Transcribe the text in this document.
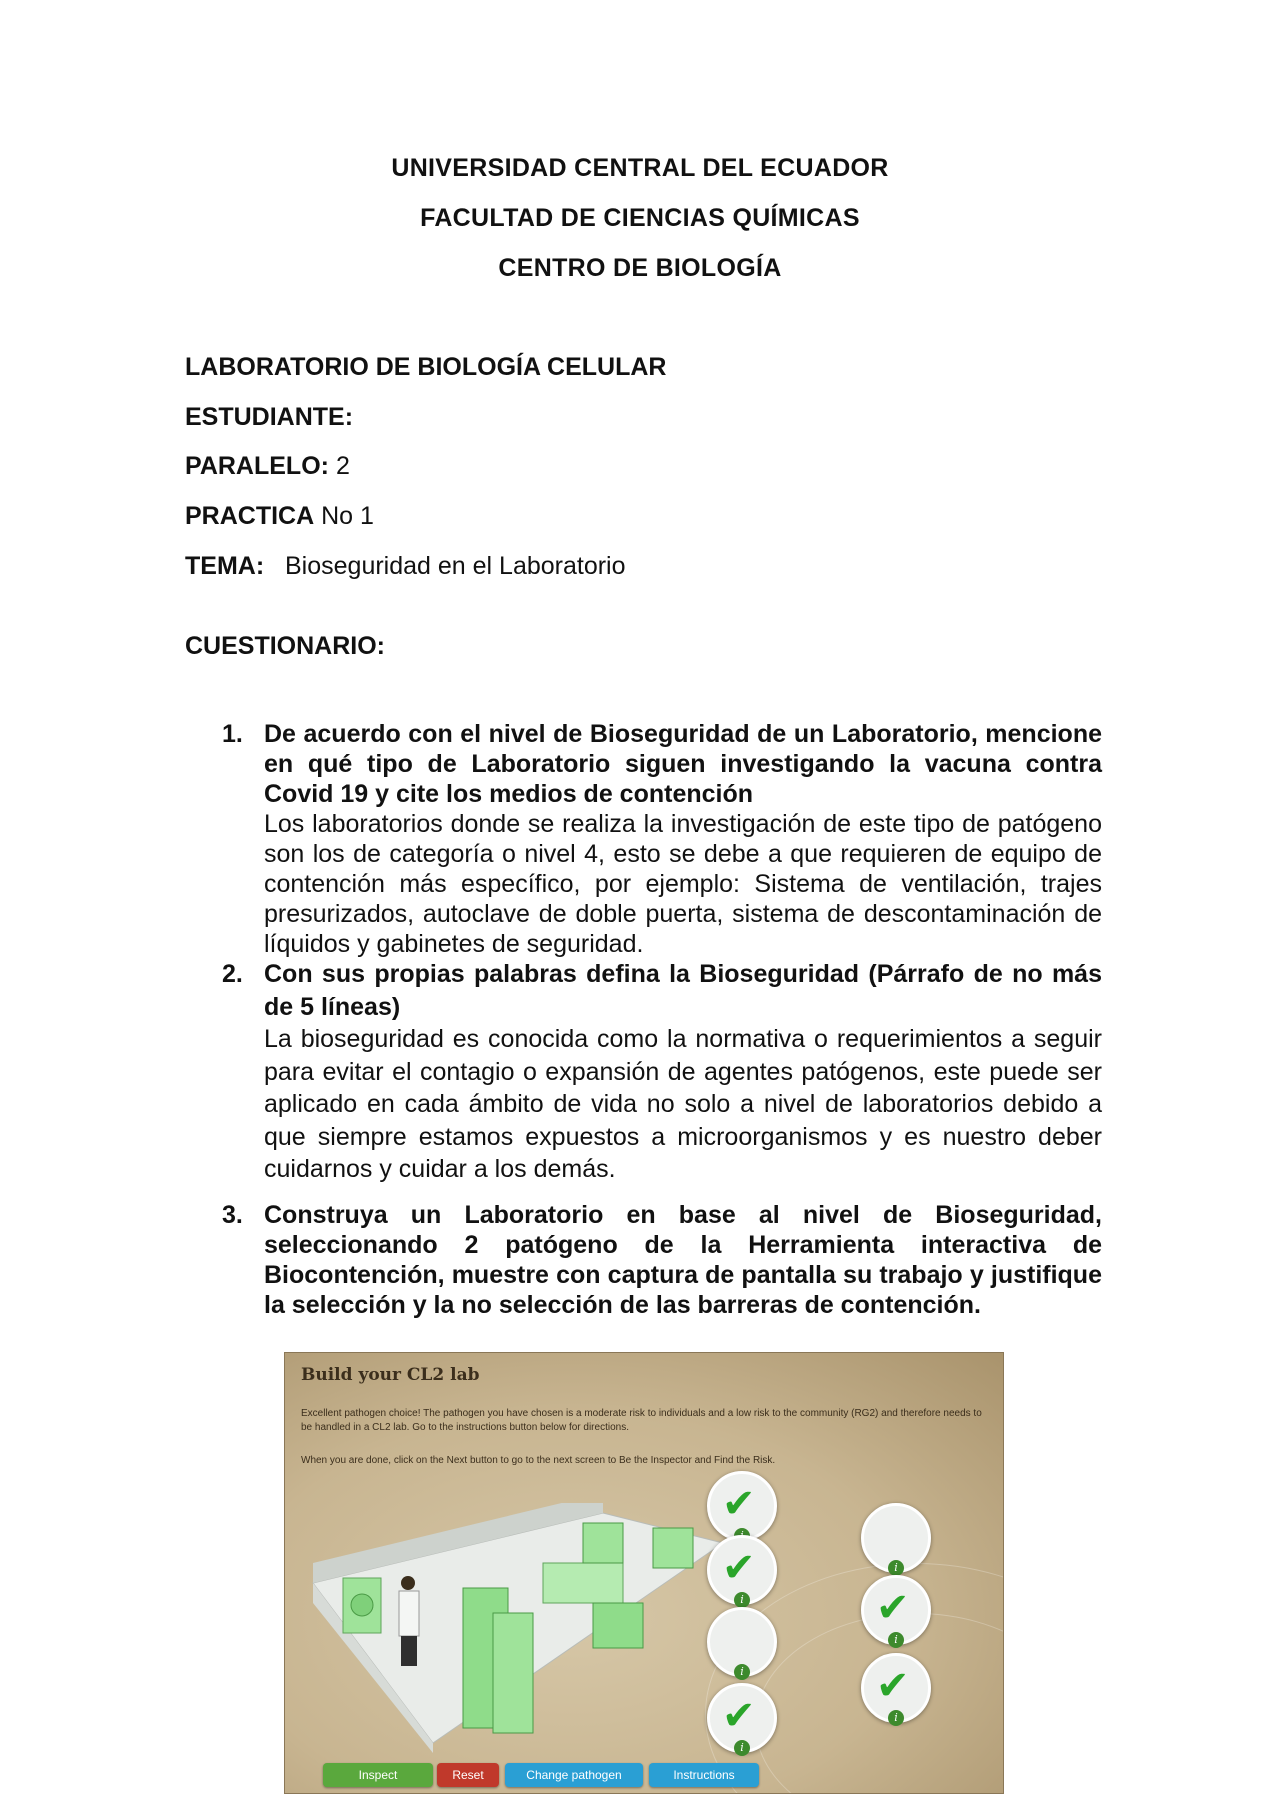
UNIVERSIDAD CENTRAL DEL ECUADOR
FACULTAD DE CIENCIAS QUÍMICAS
CENTRO DE BIOLOGÍA
LABORATORIO DE BIOLOGÍA CELULAR
ESTUDIANTE:
PARALELO: 2
PRACTICA No 1
TEMA: Bioseguridad en el Laboratorio
CUESTIONARIO:
1. De acuerdo con el nivel de Bioseguridad de un Laboratorio, mencione en qué tipo de Laboratorio siguen investigando la vacuna contra Covid 19 y cite los medios de contención
Los laboratorios donde se realiza la investigación de este tipo de patógeno son los de categoría o nivel 4, esto se debe a que requieren de equipo de contención más específico, por ejemplo: Sistema de ventilación, trajes presurizados, autoclave de doble puerta, sistema de descontaminación de líquidos y gabinetes de seguridad.
2. Con sus propias palabras defina la Bioseguridad (Párrafo de no más de 5 líneas)
La bioseguridad es conocida como la normativa o requerimientos a seguir para evitar el contagio o expansión de agentes patógenos, este puede ser aplicado en cada ámbito de vida no solo a nivel de laboratorios debido a que siempre estamos expuestos a microorganismos y es nuestro deber cuidarnos y cuidar a los demás.
3. Construya un Laboratorio en base al nivel de Bioseguridad, seleccionando 2 patógeno de la Herramienta interactiva de Biocontención, muestre con captura de pantalla su trabajo y justifique la selección y la no selección de las barreras de contención.
Build your CL2 lab
Excellent pathogen choice! The pathogen you have chosen is a moderate risk to individuals and a low risk to the community (RG2) and therefore needs to be handled in a CL2 lab. Go to the instructions button below for directions.
When you are done, click on the Next button to go to the next screen to Be the Inspector and Find the Risk.
✔
✔
i
i
✔
i
i
✔
i
✔
i
Inspect	Reset	Change pathogen	Instructions
